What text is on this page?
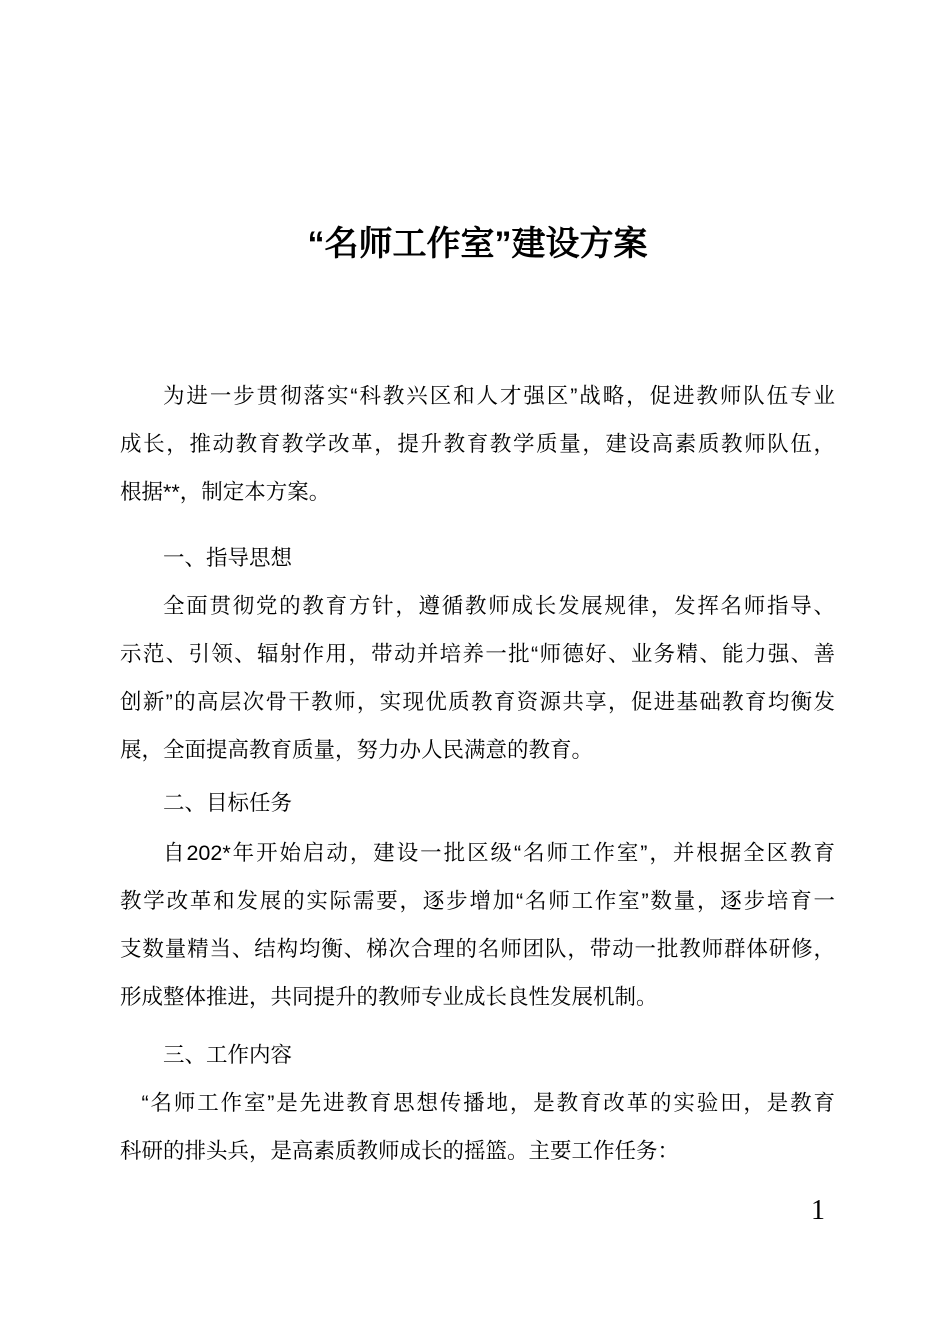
“名师工作室”建设方案
为进一步贯彻落实“科教兴区和人才强区”战略，促进教师队伍专业
成长，推动教育教学改革，提升教育教学质量，建设高素质教师队伍，
根据**，制定本方案。
一、指导思想
全面贯彻党的教育方针，遵循教师成长发展规律，发挥名师指导、
示范、引领、辐射作用，带动并培养一批“师德好、业务精、能力强、善
创新”的高层次骨干教师，实现优质教育资源共享，促进基础教育均衡发
展，全面提高教育质量，努力办人民满意的教育。
二、目标任务
自202*年开始启动，建设一批区级“名师工作室”，并根据全区教育
教学改革和发展的实际需要，逐步增加“名师工作室”数量，逐步培育一
支数量精当、结构均衡、梯次合理的名师团队，带动一批教师群体研修，
形成整体推进，共同提升的教师专业成长良性发展机制。
三、工作内容
“名师工作室”是先进教育思想传播地，是教育改革的实验田，是教育
科研的排头兵，是高素质教师成长的摇篮。主要工作任务：
1
